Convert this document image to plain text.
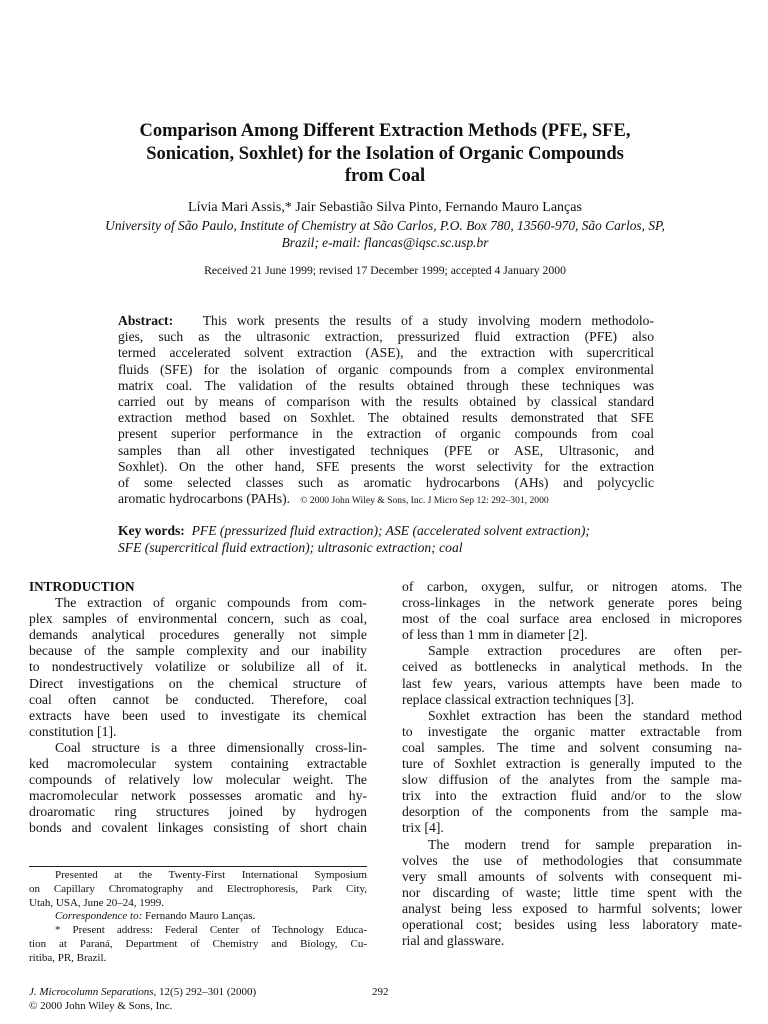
Comparison Among Different Extraction Methods (PFE, SFE,
Sonication, Soxhlet) for the Isolation of Organic Compounds
from Coal
Lívia Mari Assis,* Jair Sebastião Silva Pinto, Fernando Mauro Lanças
University of São Paulo, Institute of Chemistry at São Carlos, P.O. Box 780, 13560-970, São Carlos, SP,
Brazil; e-mail: flancas@iqsc.sc.usp.br
Received 21 June 1999; revised 17 December 1999; accepted 4 January 2000
Abstract: This work presents the results of a study involving modern methodolo-
gies, such as the ultrasonic extraction, pressurized fluid extraction (PFE) also
termed accelerated solvent extraction (ASE), and the extraction with supercritical
fluids (SFE) for the isolation of organic compounds from a complex environmental
matrix coal. The validation of the results obtained through these techniques was
carried out by means of comparison with the results obtained by classical standard
extraction method based on Soxhlet. The obtained results demonstrated that SFE
present superior performance in the extraction of organic compounds from coal
samples than all other investigated techniques (PFE or ASE, Ultrasonic, and
Soxhlet). On the other hand, SFE presents the worst selectivity for the extraction
of some selected classes such as aromatic hydrocarbons (AHs) and polycyclic
aromatic hydrocarbons (PAHs). © 2000 John Wiley & Sons, Inc. J Micro Sep 12: 292–301, 2000
Key words: PFE (pressurized fluid extraction); ASE (accelerated solvent extraction);
SFE (supercritical fluid extraction); ultrasonic extraction; coal
INTRODUCTION
The extraction of organic compounds from com-
plex samples of environmental concern, such as coal,
demands analytical procedures generally not simple
because of the sample complexity and our inability
to nondestructively volatilize or solubilize all of it.
Direct investigations on the chemical structure of
coal often cannot be conducted. Therefore, coal
extracts have been used to investigate its chemical
constitution [1].
Coal structure is a three dimensionally cross-lin-
ked macromolecular system containing extractable
compounds of relatively low molecular weight. The
macromolecular network possesses aromatic and hy-
droaromatic ring structures joined by hydrogen
bonds and covalent linkages consisting of short chain
of carbon, oxygen, sulfur, or nitrogen atoms. The
cross-linkages in the network generate pores being
most of the coal surface area enclosed in micropores
of less than 1 mm in diameter [2].
Sample extraction procedures are often per-
ceived as bottlenecks in analytical methods. In the
last few years, various attempts have been made to
replace classical extraction techniques [3].
Soxhlet extraction has been the standard method
to investigate the organic matter extractable from
coal samples. The time and solvent consuming na-
ture of Soxhlet extraction is generally imputed to the
slow diffusion of the analytes from the sample ma-
trix into the extraction fluid and/or to the slow
desorption of the components from the sample ma-
trix [4].
The modern trend for sample preparation in-
volves the use of methodologies that consummate
very small amounts of solvents with consequent mi-
nor discarding of waste; little time spent with the
analyst being less exposed to harmful solvents; lower
operational cost; besides using less laboratory mate-
rial and glassware.
Presented at the Twenty-First International Symposium
on Capillary Chromatography and Electrophoresis, Park City,
Utah, USA, June 20–24, 1999.
Correspondence to: Fernando Mauro Lanças.
* Present address: Federal Center of Technology Educa-
tion at Paraná, Department of Chemistry and Biology, Cu-
ritiba, PR, Brazil.
J. Microcolumn Separations, 12(5) 292–301 (2000)
© 2000 John Wiley & Sons, Inc.
292
